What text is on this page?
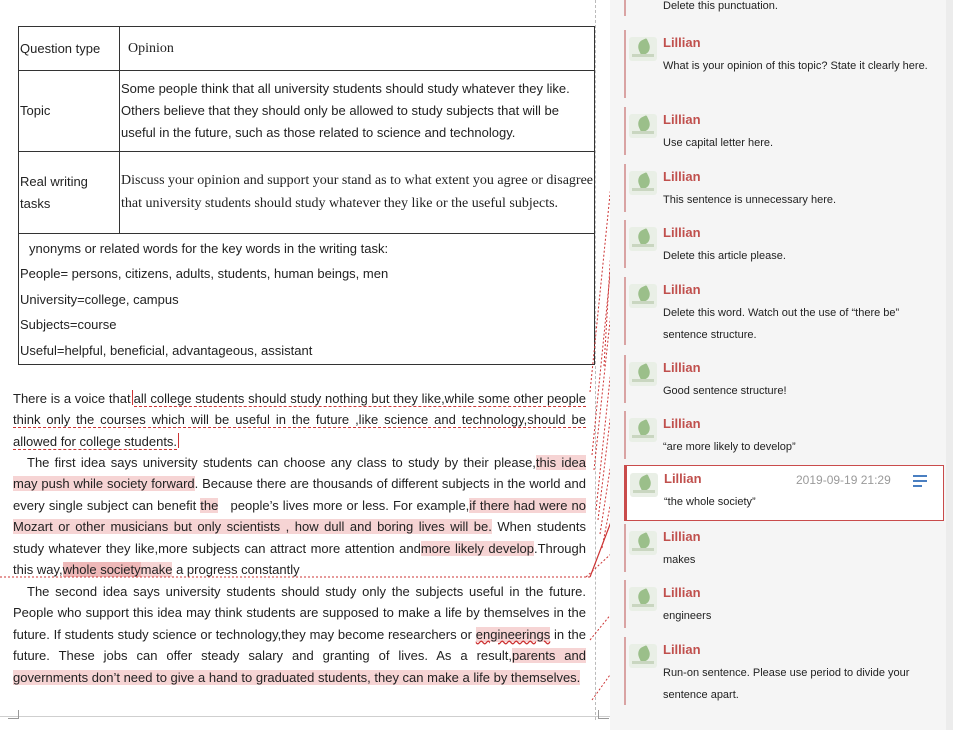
Question type	Opinion
Topic	Some people think that all university students should study whatever they like. Others believe that they should only be allowed to study subjects that will be useful in the future, such as those related to science and technology.
Real writing tasks	Discuss your opinion and support your stand as to what extent you agree or disagree that university students should study whatever they like or the useful subjects.

ynonyms or related words for the key words in the writing task:
People= persons, citizens, adults, students, human beings, men
University=college, campus
Subjects=course
Useful=helpful, beneficial, advantageous, assistant	

There is a voice that all college students should study nothing but they like,while some other people think only the courses which will be useful in the future ,like science and technology,should be allowed for college students.

The first idea says university students can choose any class to study by their please,this idea may push while society forward. Because there are thousands of different subjects in the world and every single subject can benefit the people’s lives more or less. For example,if there had were no Mozart or other musicians but only scientists , how dull and boring lives will be. When students study whatever they like,more subjects can attract more attention andmore likely develop.Through this way,whole societymake a progress constantly

The second idea says university students should study only the subjects useful in the future. People who support this idea may think students are supposed to make a life by themselves in the future. If students study science or technology,they may become researchers or engineerings in the future. These jobs can offer steady salary and granting of lives. As a result,parents and governments don’t need to give a hand to graduated students, they can make a life by themselves.

Delete this punctuation.
Lillian
What is your opinion of this topic? State it clearly here.
Lillian
Use capital letter here.
Lillian
This sentence is unnecessary here.
Lillian
Delete this article please.
Lillian
Delete this word. Watch out the use of “there be” sentence structure.
Lillian
Good sentence structure!
Lillian
“are more likely to develop”
Lillian	2019-09-19 21:29
“the whole society”
Lillian
makes
Lillian
engineers
Lillian
Run-on sentence. Please use period to divide your sentence apart.
